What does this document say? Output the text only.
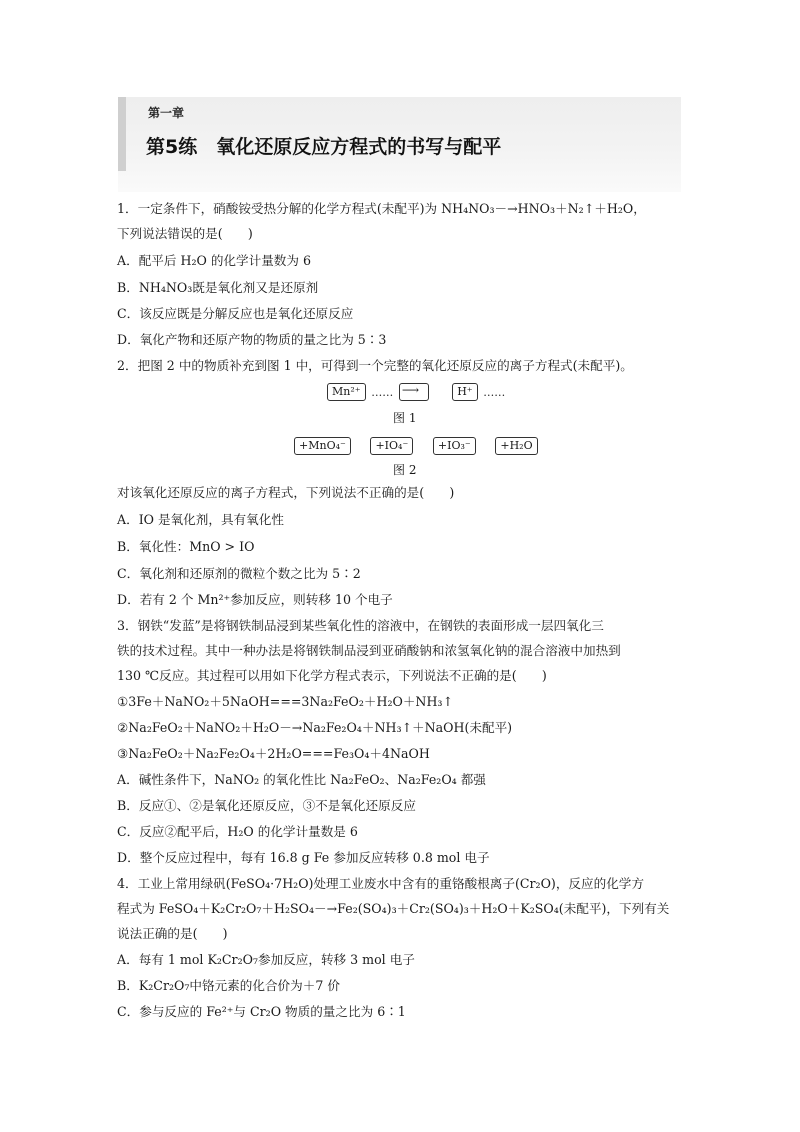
第一章
第5练　氧化还原反应方程式的书写与配平
1．一定条件下，硝酸铵受热分解的化学方程式(未配平)为 NH₄NO₃－→HNO₃＋N₂↑＋H₂O，
下列说法错误的是(　　)
A．配平后 H₂O 的化学计量数为 6
B．NH₄NO₃既是氧化剂又是还原剂
C．该反应既是分解反应也是氧化还原反应
D．氧化产物和还原产物的物质的量之比为 5∶3
2．把图 2 中的物质补充到图 1 中，可得到一个完整的氧化还原反应的离子方程式(未配平)。
Mn²⁺ …… ⟶	H⁺ ……
图 1
+MnO₄⁻	+IO₄⁻	+IO₃⁻	+H₂O
图 2
对该氧化还原反应的离子方程式，下列说法不正确的是(　　)
A．IO 是氧化剂，具有氧化性
B．氧化性：MnO > IO
C．氧化剂和还原剂的微粒个数之比为 5∶2
D．若有 2 个 Mn²⁺参加反应，则转移 10 个电子
3．钢铁“发蓝”是将钢铁制品浸到某些氧化性的溶液中，在钢铁的表面形成一层四氧化三
铁的技术过程。其中一种办法是将钢铁制品浸到亚硝酸钠和浓氢氧化钠的混合溶液中加热到
130 ℃反应。其过程可以用如下化学方程式表示，下列说法不正确的是(　　)
①3Fe＋NaNO₂＋5NaOH===3Na₂FeO₂＋H₂O＋NH₃↑
②Na₂FeO₂＋NaNO₂＋H₂O－→Na₂Fe₂O₄＋NH₃↑＋NaOH(未配平)
③Na₂FeO₂＋Na₂Fe₂O₄＋2H₂O===Fe₃O₄＋4NaOH
A．碱性条件下，NaNO₂ 的氧化性比 Na₂FeO₂、Na₂Fe₂O₄ 都强
B．反应①、②是氧化还原反应，③不是氧化还原反应
C．反应②配平后，H₂O 的化学计量数是 6
D．整个反应过程中，每有 16.8 g Fe 参加反应转移 0.8 mol 电子
4．工业上常用绿矾(FeSO₄·7H₂O)处理工业废水中含有的重铬酸根离子(Cr₂O)，反应的化学方
程式为 FeSO₄＋K₂Cr₂O₇＋H₂SO₄－→Fe₂(SO₄)₃＋Cr₂(SO₄)₃＋H₂O＋K₂SO₄(未配平)，下列有关
说法正确的是(　　)
A．每有 1 mol K₂Cr₂O₇参加反应，转移 3 mol 电子
B．K₂Cr₂O₇中铬元素的化合价为＋7 价
C．参与反应的 Fe²⁺与 Cr₂O 物质的量之比为 6∶1
